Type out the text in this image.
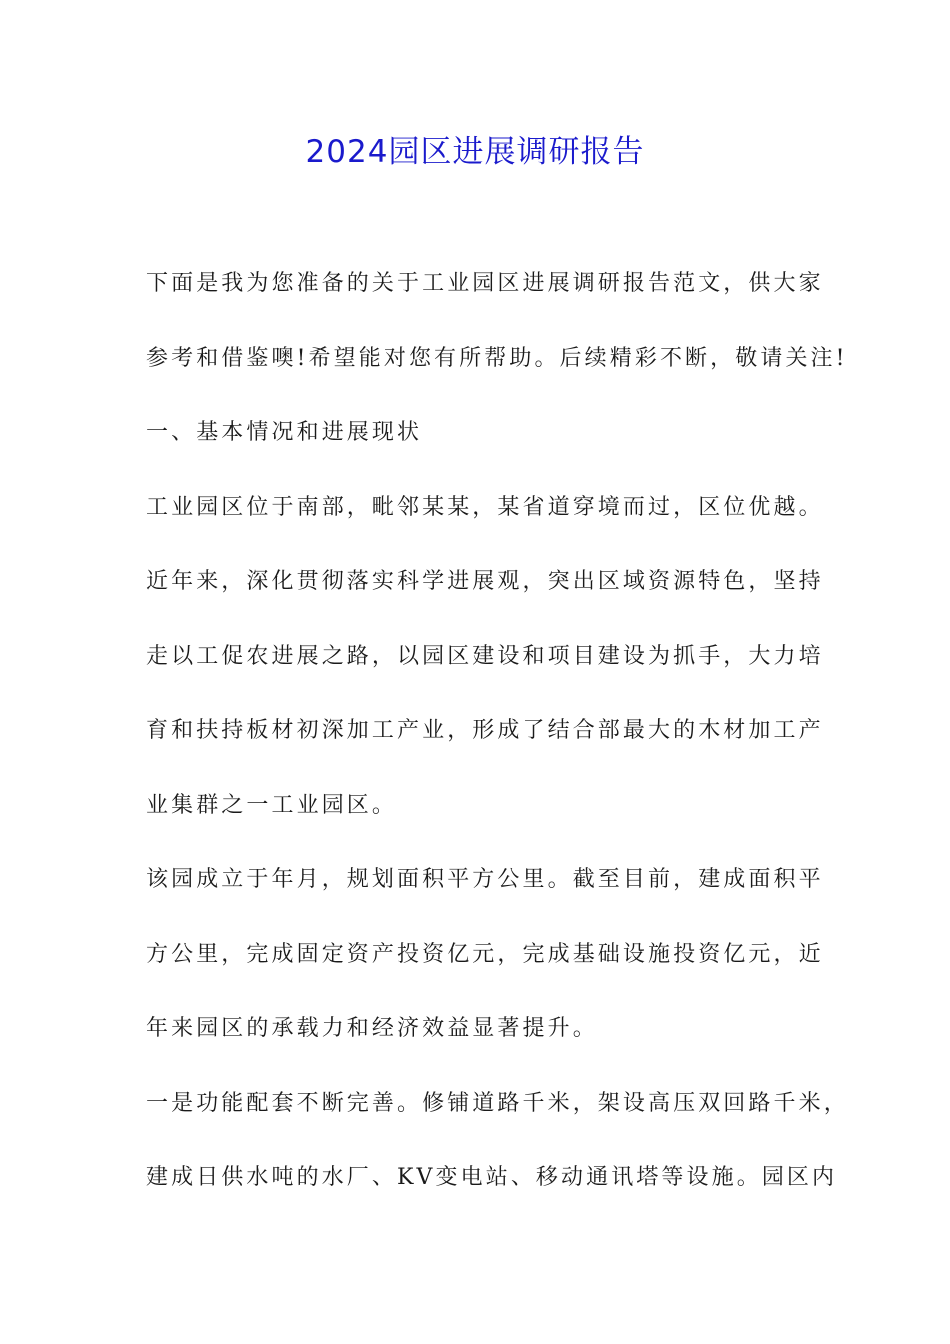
2024园区进展调研报告
下面是我为您准备的关于工业园区进展调研报告范文，供大家
参考和借鉴噢!希望能对您有所帮助。后续精彩不断，敬请关注!
一、基本情况和进展现状
工业园区位于南部，毗邻某某，某省道穿境而过，区位优越。
近年来，深化贯彻落实科学进展观，突出区域资源特色，坚持
走以工促农进展之路，以园区建设和项目建设为抓手，大力培
育和扶持板材初深加工产业，形成了结合部最大的木材加工产
业集群之一工业园区。
该园成立于年月，规划面积平方公里。截至目前，建成面积平
方公里，完成固定资产投资亿元，完成基础设施投资亿元，近
年来园区的承载力和经济效益显著提升。
一是功能配套不断完善。修铺道路千米，架设高压双回路千米，
建成日供水吨的水厂、KV变电站、移动通讯塔等设施。园区内
